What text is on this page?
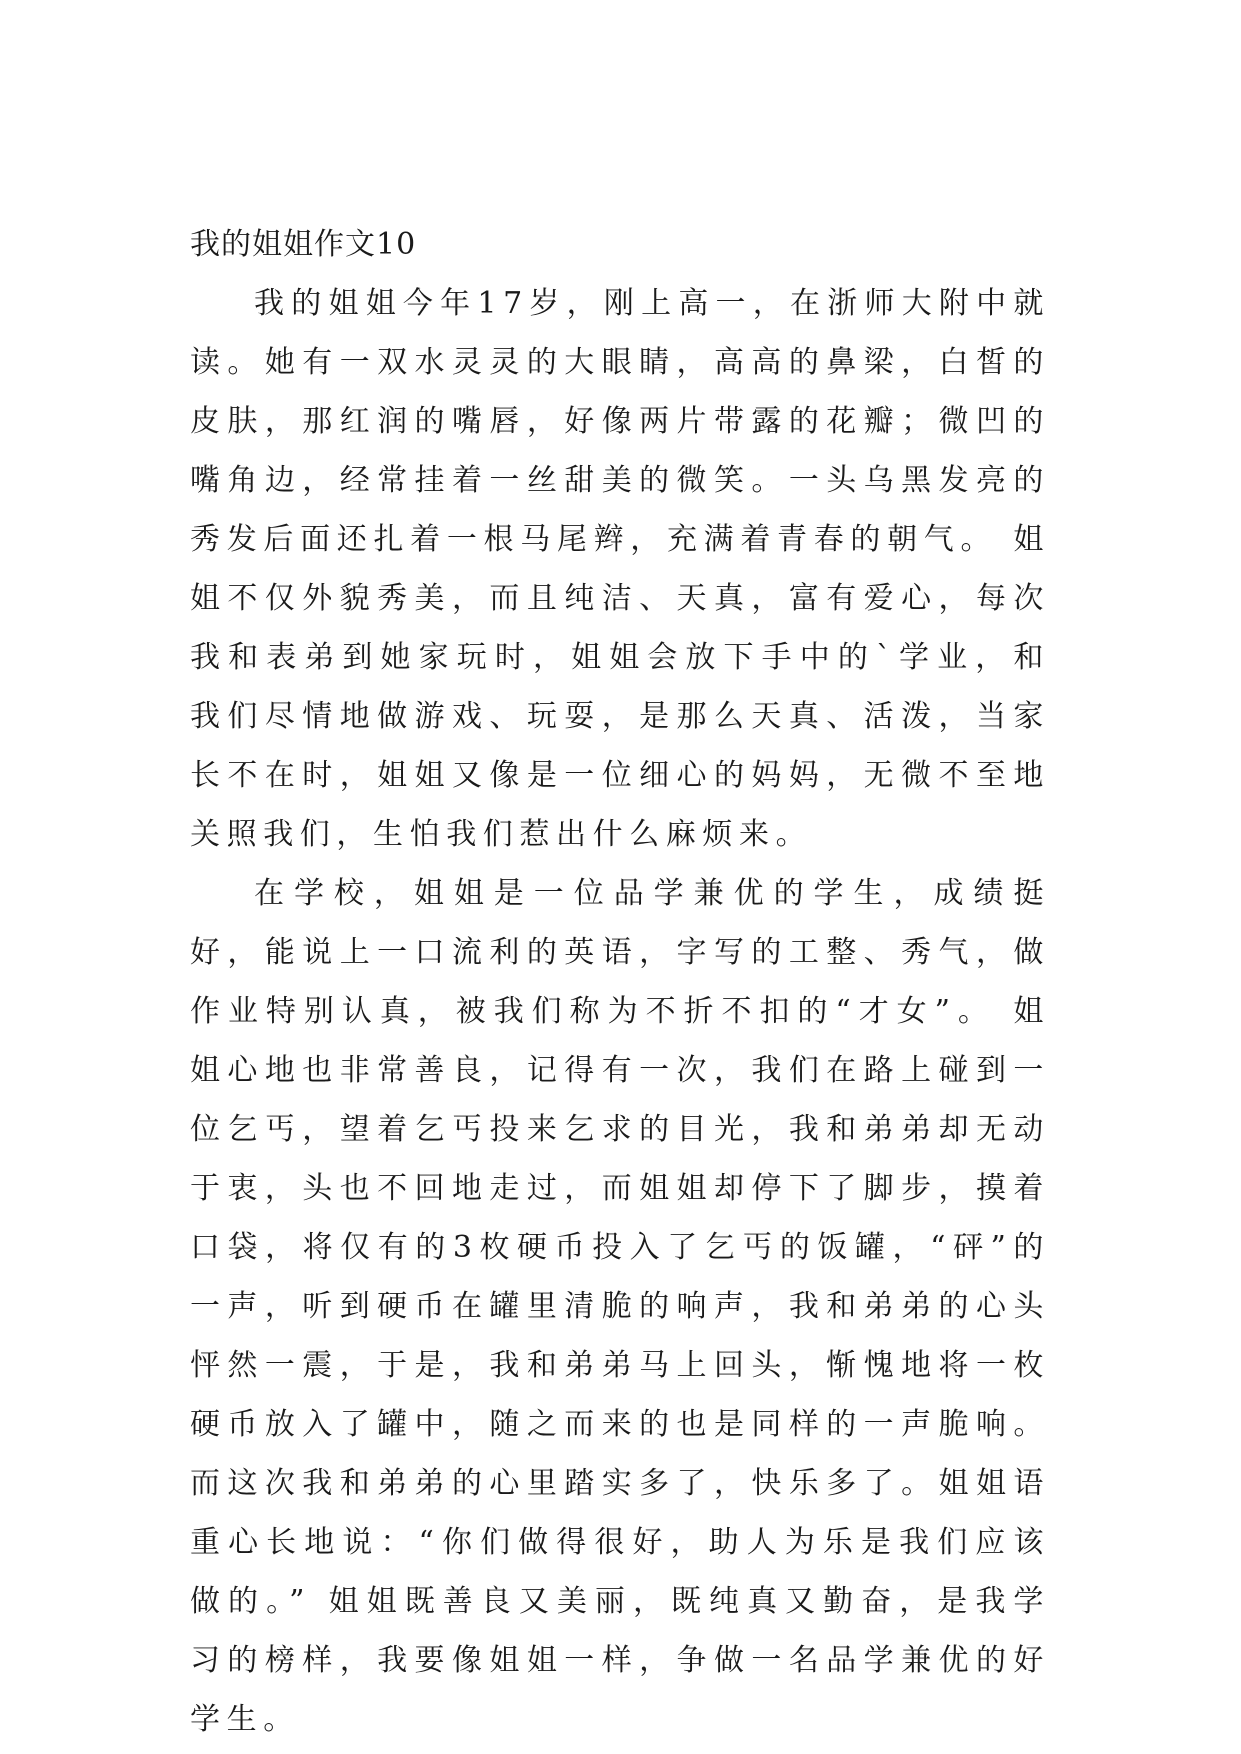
我的姐姐作文10

我的姐姐今年17岁，刚上高一，在浙师大附中就读。她有一双水灵灵的大眼睛，高高的鼻梁，白皙的皮肤，那红润的嘴唇，好像两片带露的花瓣；微凹的嘴角边，经常挂着一丝甜美的微笑。一头乌黑发亮的秀发后面还扎着一根马尾辫，充满着青春的朝气。 姐姐不仅外貌秀美，而且纯洁、天真，富有爱心，每次我和表弟到她家玩时，姐姐会放下手中的`学业，和我们尽情地做游戏、玩耍，是那么天真、活泼，当家长不在时，姐姐又像是一位细心的妈妈，无微不至地关照我们，生怕我们惹出什么麻烦来。

在学校，姐姐是一位品学兼优的学生，成绩挺好，能说上一口流利的英语，字写的工整、秀气，做作业特别认真，被我们称为不折不扣的“才女”。 姐姐心地也非常善良，记得有一次，我们在路上碰到一位乞丐，望着乞丐投来乞求的目光，我和弟弟却无动于衷，头也不回地走过，而姐姐却停下了脚步，摸着口袋，将仅有的3枚硬币投入了乞丐的饭罐，“砰”的一声，听到硬币在罐里清脆的响声，我和弟弟的心头怦然一震，于是，我和弟弟马上回头，惭愧地将一枚硬币放入了罐中，随之而来的也是同样的一声脆响。而这次我和弟弟的心里踏实多了，快乐多了。姐姐语重心长地说：“你们做得很好，助人为乐是我们应该做的。” 姐姐既善良又美丽，既纯真又勤奋，是我学习的榜样，我要像姐姐一样，争做一名品学兼优的好学生。
